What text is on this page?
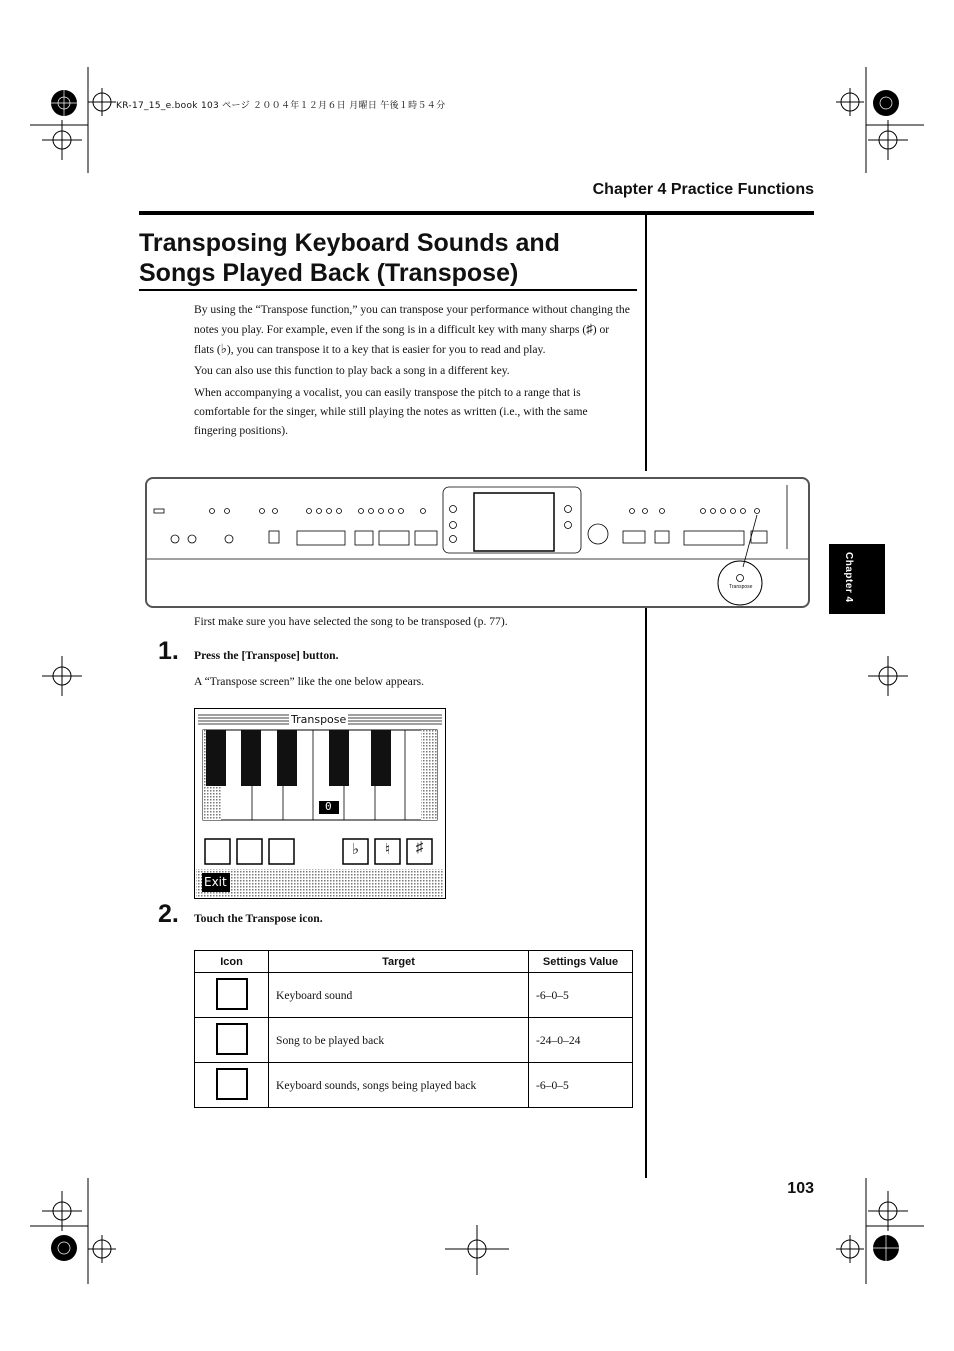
KR-17_15_e.book 103 ページ ２００４年１２月６日 月曜日 午後１時５４分
Chapter 4 Practice Functions
Transposing Keyboard Sounds and
Songs Played Back (Transpose)

By using the “Transpose function,” you can transpose your performance without changing the notes you play. For example, even if the song is in a difficult key with many sharps (♯) or flats (♭), you can transpose it to a key that is easier for you to read and play.

You can also use this function to play back a song in a different key.

When accompanying a vocalist, you can easily transpose the pitch to a range that is comfortable for the singer, while still playing the notes as written (i.e., with the same fingering positions).

Transpose
First make sure you have selected the song to be transposed (p. 77).
1. Press the [Transpose] button.
A “Transpose screen” like the one below appears.
Transpose
0
♭	♮	♯
Exit
2. Touch the Transpose icon.
Icon	Target	Settings Value
	Keyboard sound	-6–0–5
	Song to be played back	-24–0–24
	Keyboard sounds, songs being played back	-6–0–5
Chapter 4
103
